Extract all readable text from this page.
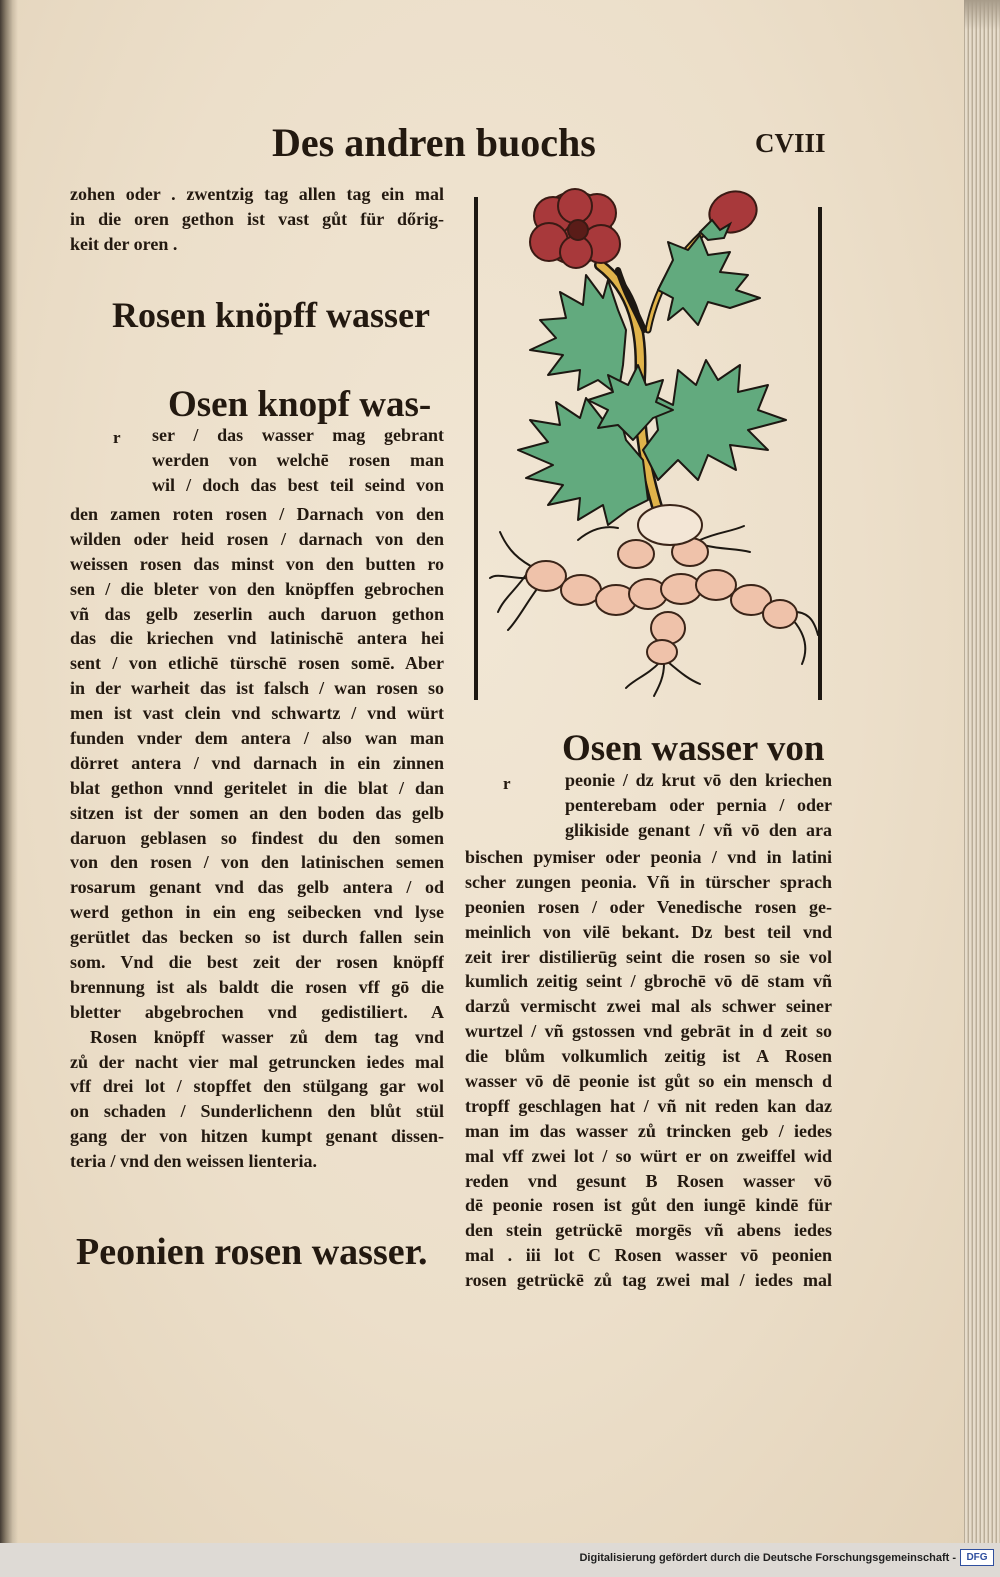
Des andren buochs	CVIII
zohen oder . zwentzig tag allen tag ein mal
in die oren gethon ist vast gůt für dőrig-
keit der oren .
Rosen knöpff wasser
Osen knopf was-
r ser / das wasser mag gebrant
werden von welchē rosen man
wil / doch das best teil seind von
den zamen roten rosen / Darnach von den
wilden oder heid rosen / darnach von den
weissen rosen das minst von den butten ro
sen / die bleter von den knöpffen gebrochen
vñ das gelb zeserlin auch daruon gethon
das die kriechen vnd latinischē antera hei
sent / von etlichē türschē rosen somē. Aber
in der warheit das ist falsch / wan rosen so
men ist vast clein vnd schwartz / vnd würt
funden vnder dem antera / also wan man
dörret antera / vnd darnach in ein zinnen
blat gethon vnnd geritelet in die blat / dan
sitzen ist der somen an den boden das gelb
daruon geblasen so findest du den somen
von den rosen / von den latinischen semen
rosarum genant vnd das gelb antera / od
werd gethon in ein eng seibecken vnd lyse
gerütlet das becken so ist durch fallen sein
som. Vnd die best zeit der rosen knöpff
brennung ist als baldt die rosen vff gō die
bletter abgebrochen vnd gedistiliert. A
Rosen knöpff wasser zů dem tag vnd
zů der nacht vier mal getruncken iedes mal
vff drei lot / stopffet den stülgang gar wol
on schaden / Sunderlichenn den blůt stül
gang der von hitzen kumpt genant dissen-
teria / vnd den weissen lienteria.
Peonien rosen wasser.
Osen wasser von
r	peonie / dz krut vō den kriechen
penterebam oder pernia / oder
glikiside genant / vñ vō den ara
bischen pymiser oder peonia / vnd in latini
scher zungen peonia. Vñ in türscher sprach
peonien rosen / oder Venedische rosen ge-
meinlich von vilē bekant. Dz best teil vnd
zeit irer distilierūg seint die rosen so sie vol
kumlich zeitig seint / gbrochē vō dē stam vñ
darzů vermischt zwei mal als schwer seiner
wurtzel / vñ gstossen vnd gebrāt in d zeit so
die blům volkumlich zeitig ist A Rosen
wasser vō dē peonie ist gůt so ein mensch d
tropff geschlagen hat / vñ nit reden kan daz
man im das wasser zů trincken geb / iedes
mal vff zwei lot / so würt er on zweiffel wid
reden vnd gesunt B Rosen wasser vō
dē peonie rosen ist gůt den iungē kindē für
den stein getrückē morgēs vñ abens iedes
mal . iii lot C Rosen wasser vō peonien
rosen getrückē zů tag zwei mal / iedes mal
Digitalisierung gefördert durch die Deutsche Forschungsgemeinschaft -	DFG
